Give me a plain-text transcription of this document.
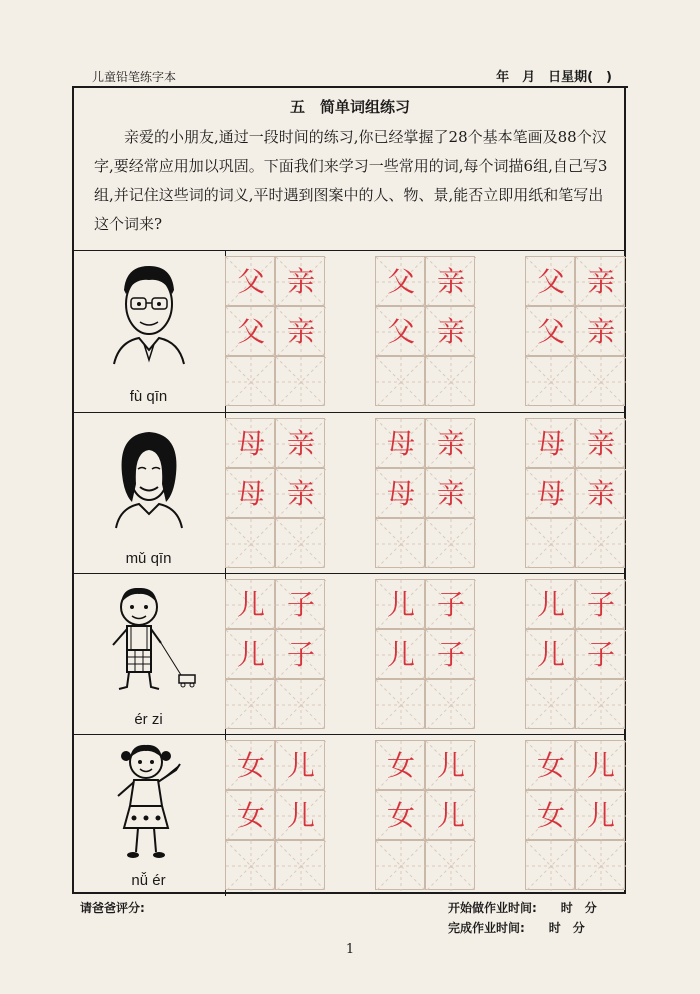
儿童铅笔练字本	年　月　日星期(　)
五　简单词组练习
亲爱的小朋友,通过一段时间的练习,你已经掌握了28个基本笔画及88个汉字,要经常应用加以巩固。下面我们来学习一些常用的词,每个词描6组,自己写3组,并记住这些词的词义,平时遇到图案中的人、物、景,能否立即用纸和笔写出这个词来?
fù qīn
父 亲	父 亲	父 亲
父 亲	父 亲	父 亲
mǔ qīn
母 亲	母 亲	母 亲
母 亲	母 亲	母 亲
ér zi
儿 子	儿 子	儿 子
儿 子	儿 子	儿 子
nǚ ér
女 儿	女 儿	女 儿
女 儿	女 儿	女 儿
请爸爸评分:	开始做作业时间:　　时　分
完成作业时间:　　时　分
1
